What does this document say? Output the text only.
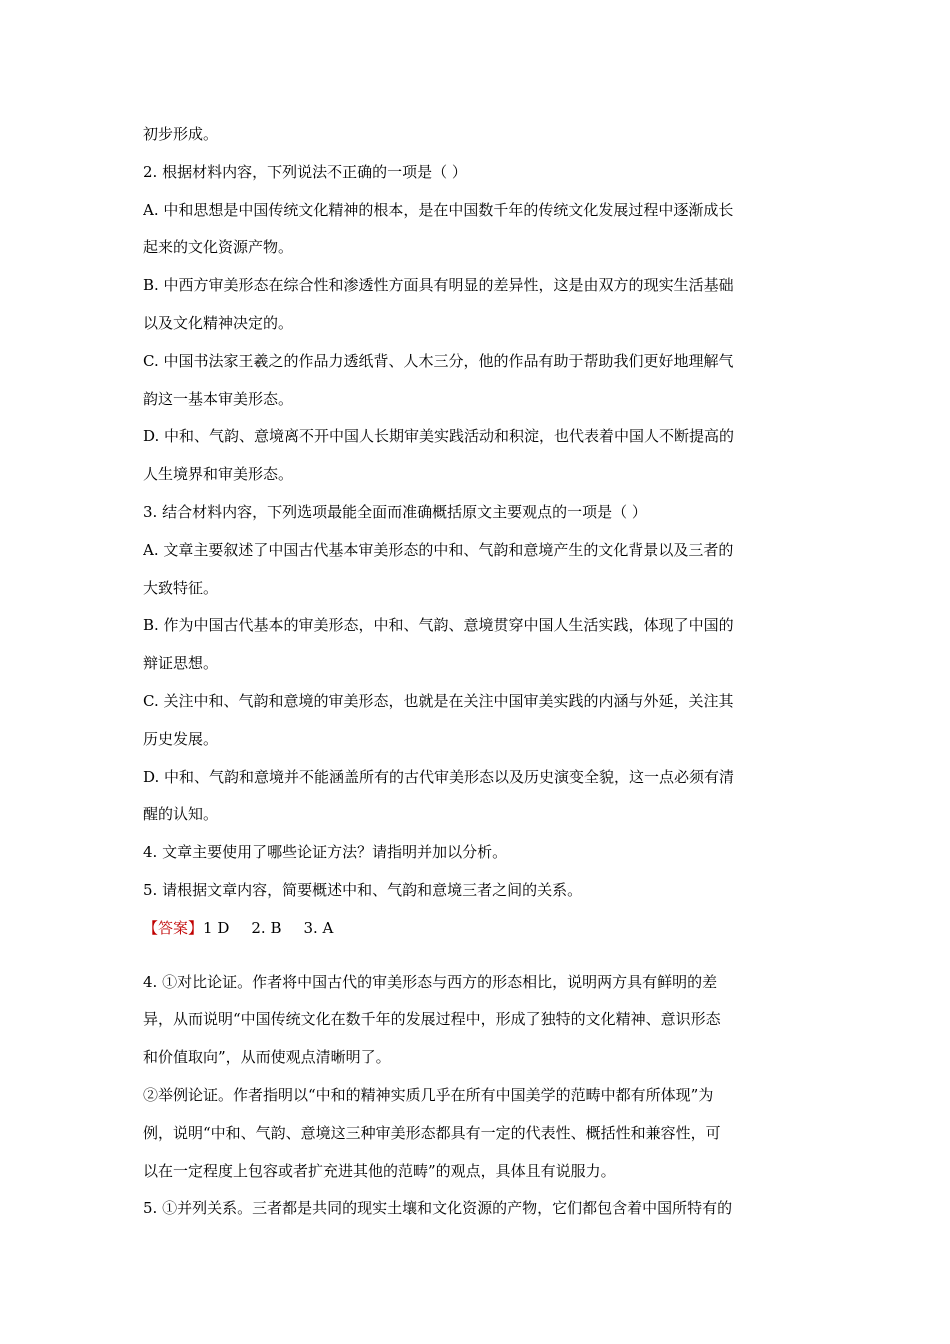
初步形成。
2. 根据材料内容，下列说法不正确的一项是（ ）
A. 中和思想是中国传统文化精神的根本，是在中国数千年的传统文化发展过程中逐渐成长
起来的文化资源产物。
B. 中西方审美形态在综合性和渗透性方面具有明显的差异性，这是由双方的现实生活基础
以及文化精神决定的。
C. 中国书法家王羲之的作品力透纸背、人木三分，他的作品有助于帮助我们更好地理解气
韵这一基本审美形态。
D. 中和、气韵、意境离不开中国人长期审美实践活动和积淀，也代表着中国人不断提高的
人生境界和审美形态。
3. 结合材料内容，下列选项最能全面而准确概括原文主要观点的一项是（ ）
A. 文章主要叙述了中国古代基本审美形态的中和、气韵和意境产生的文化背景以及三者的
大致特征。
B. 作为中国古代基本的审美形态，中和、气韵、意境贯穿中国人生活实践，体现了中国的
辩证思想。
C. 关注中和、气韵和意境的审美形态，也就是在关注中国审美实践的内涵与外延，关注其
历史发展。
D. 中和、气韵和意境并不能涵盖所有的古代审美形态以及历史演变全貌，这一点必须有清
醒的认知。
4. 文章主要使用了哪些论证方法？请指明并加以分析。
5. 请根据文章内容，简要概述中和、气韵和意境三者之间的关系。
【答案】1 D 2. B 3. A
4. ①对比论证。作者将中国古代的审美形态与西方的形态相比，说明两方具有鲜明的差
异，从而说明“中国传统文化在数千年的发展过程中，形成了独特的文化精神、意识形态
和价值取向”，从而使观点清晰明了。
②举例论证。作者指明以“中和的精神实质几乎在所有中国美学的范畴中都有所体现”为
例，说明“中和、气韵、意境这三种审美形态都具有一定的代表性、概括性和兼容性，可
以在一定程度上包容或者扩充进其他的范畴”的观点，具体且有说服力。
5. ①并列关系。三者都是共同的现实土壤和文化资源的产物，它们都包含着中国所特有的
